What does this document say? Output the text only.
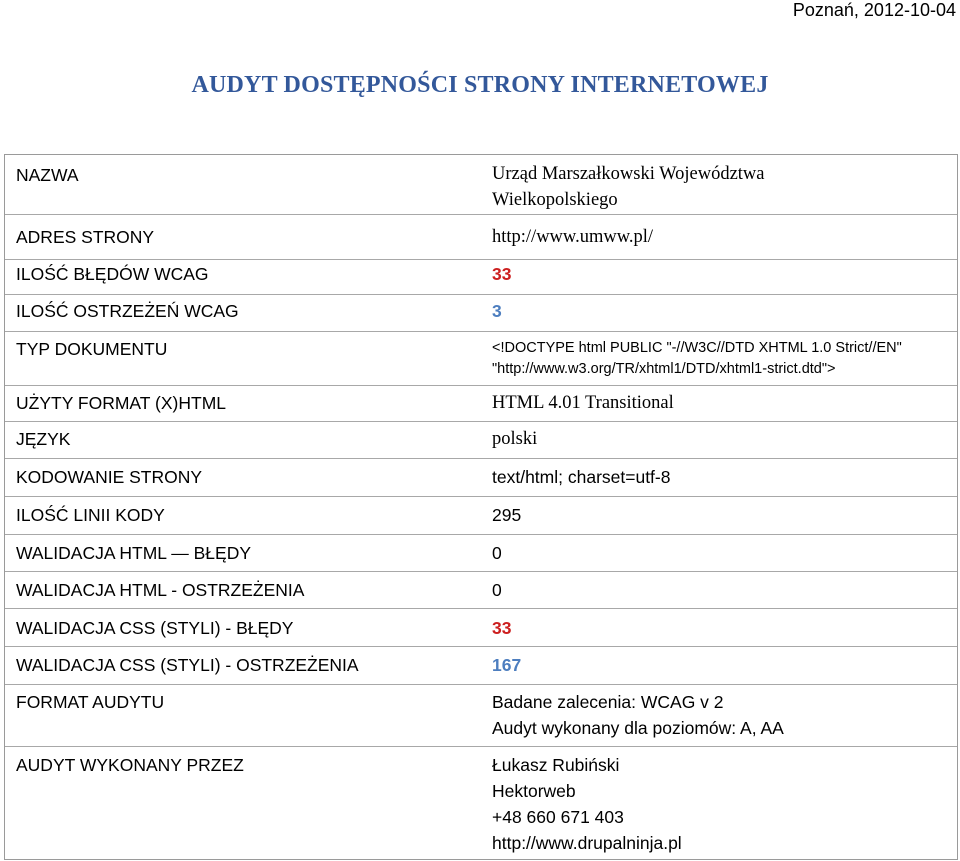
Poznań, 2012-10-04
AUDYT DOSTĘPNOŚCI STRONY INTERNETOWEJ
NAZWA	Urząd Marszałkowski Województwa Wielkopolskiego
ADRES STRONY	http://www.umww.pl/
ILOŚĆ BŁĘDÓW WCAG	33
ILOŚĆ OSTRZEŻEŃ WCAG	3
TYP DOKUMENTU	<!DOCTYPE html PUBLIC "-//W3C//DTD XHTML 1.0 Strict//EN"
"http://www.w3.org/TR/xhtml1/DTD/xhtml1-strict.dtd">
UŻYTY FORMAT (X)HTML	HTML 4.01 Transitional
JĘZYK	polski
KODOWANIE STRONY	text/html; charset=utf-8
ILOŚĆ LINII KODY	295
WALIDACJA HTML — BŁĘDY	0
WALIDACJA HTML - OSTRZEŻENIA	0
WALIDACJA CSS (STYLI) - BŁĘDY	33
WALIDACJA CSS (STYLI) - OSTRZEŻENIA	167
FORMAT AUDYTU	Badane zalecenia: WCAG v 2
Audyt wykonany dla poziomów: A, AA
AUDYT WYKONANY PRZEZ	Łukasz Rubiński
Hektorweb
+48 660 671 403
http://www.drupalninja.pl
